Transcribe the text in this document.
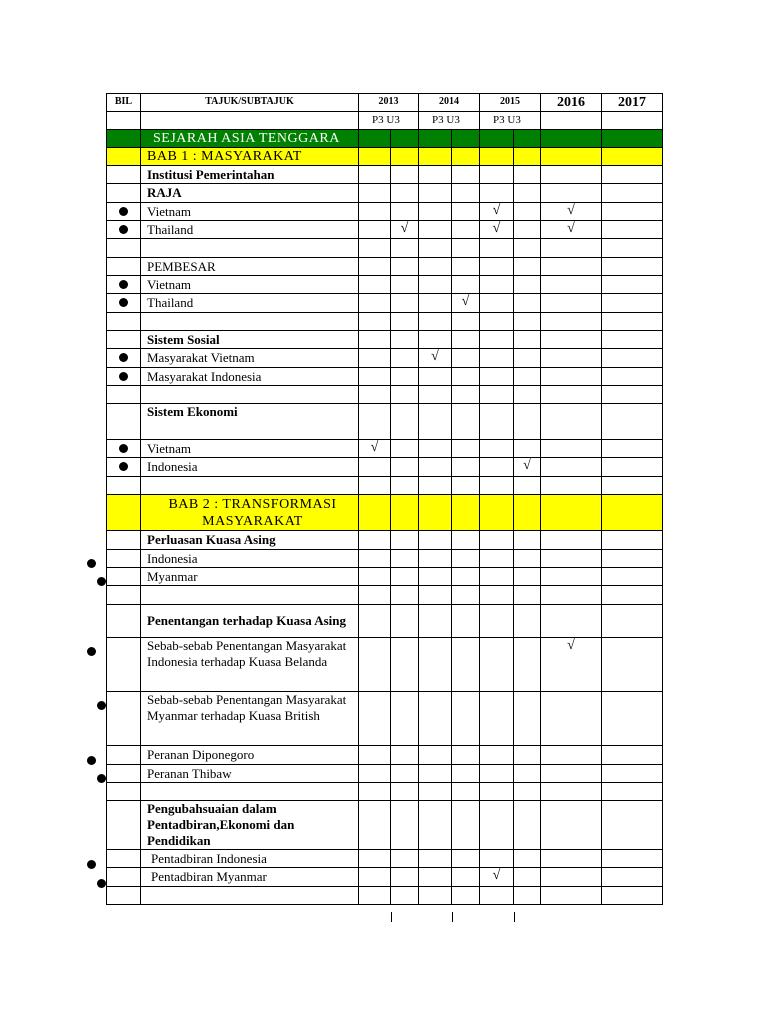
BIL	TAJUK/SUBTAJUK	2013		2014		2015		2016	2017
		P3 U3		P3 U3		P3 U3			
	SEJARAH ASIA TENGGARA								
	BAB 1 : MASYARAKAT								
	Institusi Pemerintahan								
	RAJA								
	Vietnam					√		√	
	Thailand		√			√		√	

	PEMBESAR								
	Vietnam								
	Thailand				√				

	Sistem Sosial								
	Masyarakat Vietnam			√					
	Masyarakat Indonesia								

	Sistem Ekonomi								
	Vietnam	√							
	Indonesia						√		

	BAB 2 : TRANSFORMASI MASYARAKAT								
	Perluasan Kuasa Asing								
	Indonesia								
	Myanmar								

	Penentangan terhadap Kuasa Asing								
	Sebab-sebab Penentangan Masyarakat Indonesia terhadap Kuasa Belanda							√	
	Sebab-sebab Penentangan Masyarakat Myanmar terhadap Kuasa British								
	Peranan Diponegoro								
	Peranan Thibaw								

	Pengubahsuaian dalam Pentadbiran,Ekonomi dan Pendidikan								
	Pentadbiran Indonesia								
	Pentadbiran Myanmar					√			
